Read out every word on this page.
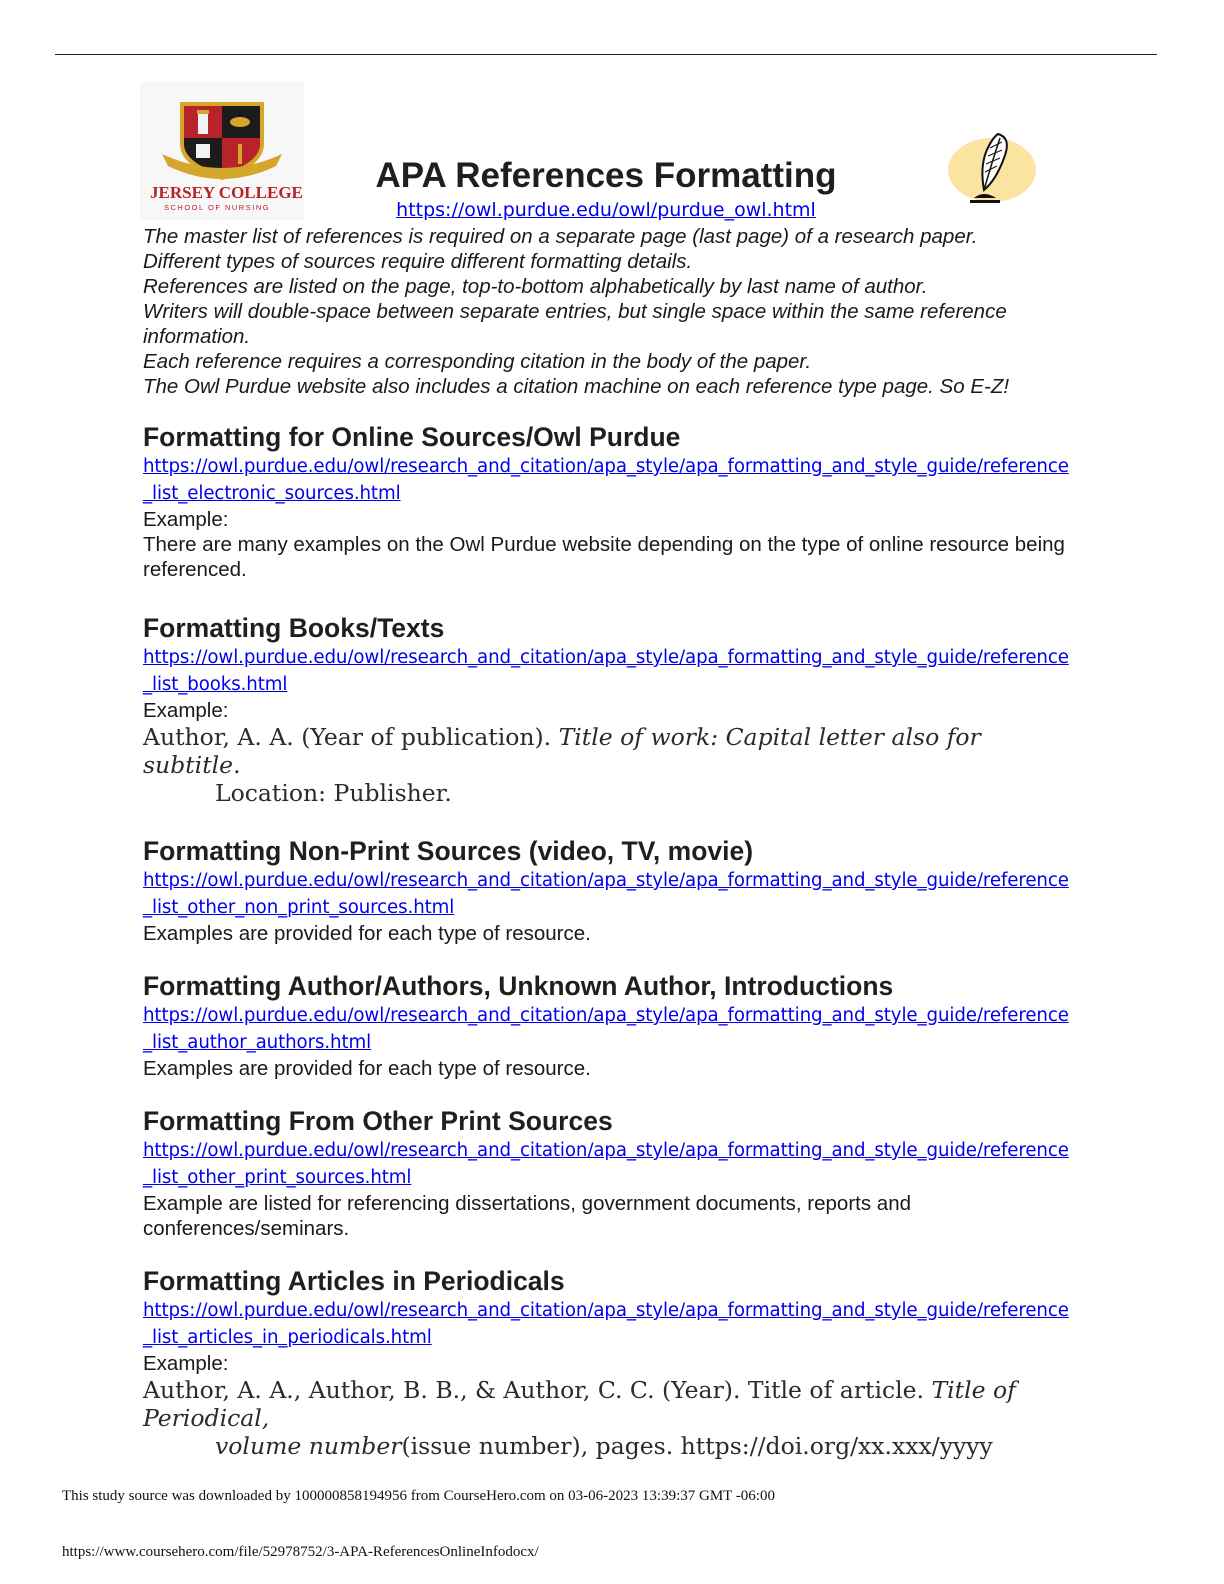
JERSEY COLLEGE
SCHOOL OF NURSING
APA References Formatting
https://owl.purdue.edu/owl/purdue_owl.html
The master list of references is required on a separate page (last page) of a research paper.
Different types of sources require different formatting details.
References are listed on the page, top-to-bottom alphabetically by last name of author.
Writers will double-space between separate entries, but single space within the same reference information.
Each reference requires a corresponding citation in the body of the paper.
The Owl Purdue website also includes a citation machine on each reference type page. So E-Z!
Formatting for Online Sources/Owl Purdue
https://owl.purdue.edu/owl/research_and_citation/apa_style/apa_formatting_and_style_guide/reference_list_electronic_sources.html
Example:
There are many examples on the Owl Purdue website depending on the type of online resource being referenced.
Formatting Books/Texts
https://owl.purdue.edu/owl/research_and_citation/apa_style/apa_formatting_and_style_guide/reference_list_books.html
Example:
Author, A. A. (Year of publication). Title of work: Capital letter also for subtitle.
Location: Publisher.
Formatting Non-Print Sources (video, TV, movie)
https://owl.purdue.edu/owl/research_and_citation/apa_style/apa_formatting_and_style_guide/reference_list_other_non_print_sources.html
Examples are provided for each type of resource.
Formatting Author/Authors, Unknown Author, Introductions
https://owl.purdue.edu/owl/research_and_citation/apa_style/apa_formatting_and_style_guide/reference_list_author_authors.html
Examples are provided for each type of resource.
Formatting From Other Print Sources
https://owl.purdue.edu/owl/research_and_citation/apa_style/apa_formatting_and_style_guide/reference_list_other_print_sources.html
Example are listed for referencing dissertations, government documents, reports and conferences/seminars.
Formatting Articles in Periodicals
https://owl.purdue.edu/owl/research_and_citation/apa_style/apa_formatting_and_style_guide/reference_list_articles_in_periodicals.html
Example:
Author, A. A., Author, B. B., & Author, C. C. (Year). Title of article. Title of Periodical,
volume number(issue number), pages. https://doi.org/xx.xxx/yyyy
This study source was downloaded by 100000858194956 from CourseHero.com on 03-06-2023 13:39:37 GMT -06:00
https://www.coursehero.com/file/52978752/3-APA-ReferencesOnlineInfodocx/
